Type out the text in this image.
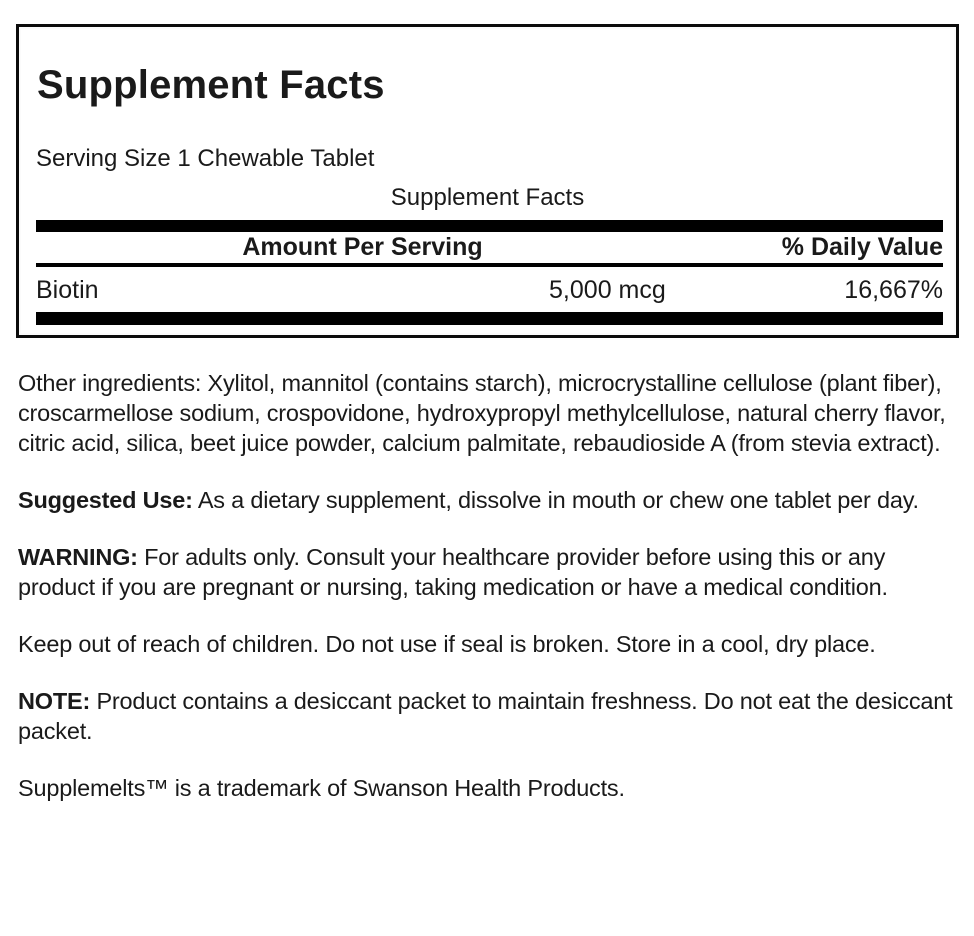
Supplement Facts
Serving Size 1 Chewable Tablet
Supplement Facts
Amount Per Serving	% Daily Value
Biotin	5,000 mcg	16,667%

Other ingredients: Xylitol, mannitol (contains starch), microcrystalline cellulose (plant fiber), croscarmellose sodium, crospovidone, hydroxypropyl methylcellulose, natural cherry flavor, citric acid, silica, beet juice powder, calcium palmitate, rebaudioside A (from stevia extract).

Suggested Use: As a dietary supplement, dissolve in mouth or chew one tablet per day.

WARNING: For adults only. Consult your healthcare provider before using this or any product if you are pregnant or nursing, taking medication or have a medical condition.

Keep out of reach of children. Do not use if seal is broken. Store in a cool, dry place.

NOTE: Product contains a desiccant packet to maintain freshness. Do not eat the desiccant packet.

Supplemelts™ is a trademark of Swanson Health Products.
